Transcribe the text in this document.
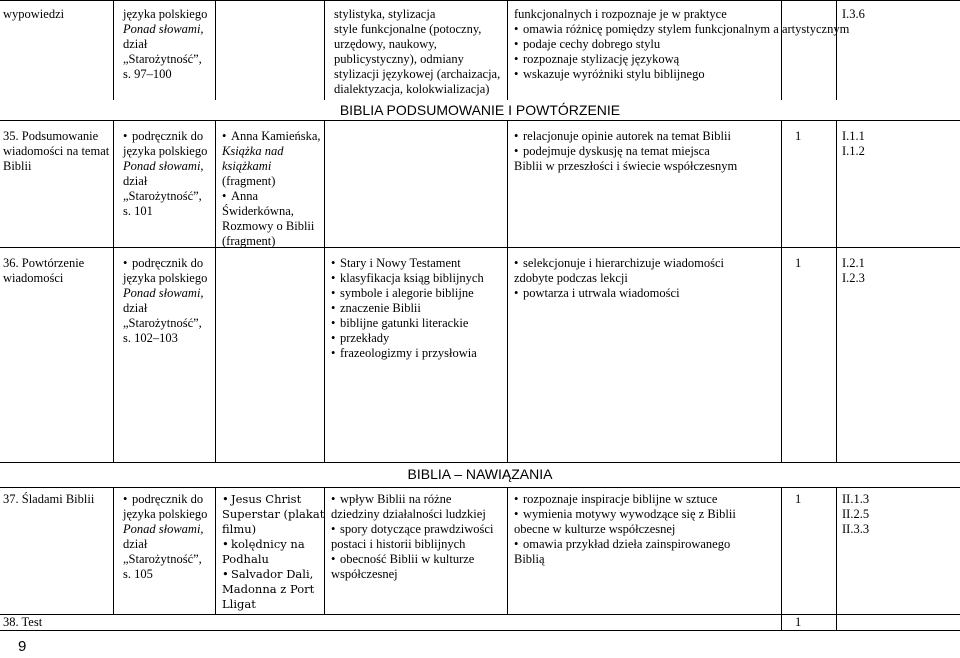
wypowiedzi	języka polskiego
Ponad słowami,
dział
„Starożytność”,
s. 97–100
stylistyka, stylizacja
style funkcjonalne (potoczny,
urzędowy, naukowy,
publicystyczny), odmiany
stylizacji językowej (archaizacja,
dialektyzacja, kolokwializacja)
funkcjonalnych i rozpoznaje je w praktyce
• omawia różnicę pomiędzy stylem funkcjonalnym a artystycznym
• podaje cechy dobrego stylu
• rozpoznaje stylizację językową
• wskazuje wyróżniki stylu biblijnego
I.3.6
BIBLIA PODSUMOWANIE I POWTÓRZENIE
35. Podsumowanie
wiadomości na temat
Biblii
• podręcznik do
języka polskiego
Ponad słowami,
dział
„Starożytność”,
s. 101
• Anna Kamieńska,
Książka nad
książkami
(fragment)
• Anna
Świderkówna,
Rozmowy o Biblii
(fragment)
• relacjonuje opinie autorek na temat Biblii
• podejmuje dyskusję na temat miejsca
Biblii w przeszłości i świecie współczesnym
1	I.1.1
I.1.2
36. Powtórzenie
wiadomości
• podręcznik do
języka polskiego
Ponad słowami,
dział
„Starożytność”,
s. 102–103
• Stary i Nowy Testament
• klasyfikacja ksiąg biblijnych
• symbole i alegorie biblijne
• znaczenie Biblii
• biblijne gatunki literackie
• przekłady
• frazeologizmy i przysłowia
• selekcjonuje i hierarchizuje wiadomości
zdobyte podczas lekcji
• powtarza i utrwala wiadomości
1	I.2.1
I.2.3
BIBLIA – NAWIĄZANIA
37. Śladami Biblii
•	podręcznik do
języka polskiego
Ponad słowami,
dział
„Starożytność”,
s. 105
• Jesus Christ
Superstar (plakat
filmu)
• kolędnicy na
Podhalu
• Salvador Dali,
Madonna z Port
Lligat
• wpływ Biblii na różne
dziedziny działalności ludzkiej
• spory dotyczące prawdziwości
postaci i historii biblijnych
• obecność Biblii w kulturze
współczesnej
• rozpoznaje inspiracje biblijne w sztuce
• wymienia motywy wywodzące się z Biblii
obecne w kulturze współczesnej
• omawia przykład dzieła zainspirowanego
Biblią
1	II.1.3
II.2.5
II.3.3
38. Test	1
9
